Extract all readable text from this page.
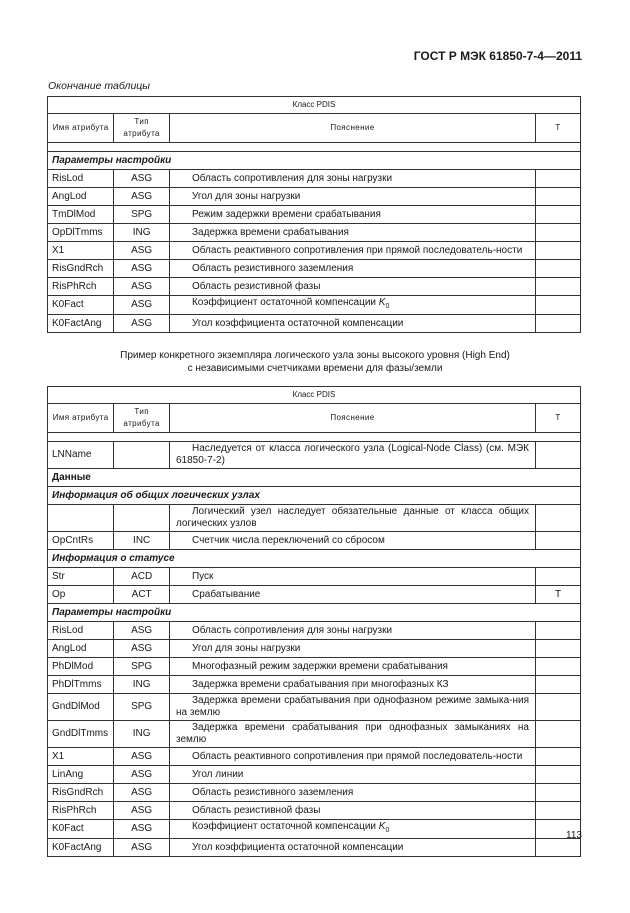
ГОСТ Р МЭК 61850-7-4—2011
Окончание таблицы
Класс PDIS			
Имя атрибута	Тип атрибута	Пояснение	Т

Параметры настройки			
RisLod	ASG	Область сопротивления для зоны нагрузки	
AngLod	ASG	Угол для зоны нагрузки	
TmDlMod	SPG	Режим задержки времени срабатывания	
OpDlTmms	ING	Задержка времени срабатывания	
X1	ASG	Область реактивного сопротивления при прямой последователь-ности	
RisGndRch	ASG	Область резистивного заземления	
RisPhRch	ASG	Область резистивной фазы	
K0Fact	ASG	Коэффициент остаточной компенсации $K_0$	
K0FactAng	ASG	Угол коэффициента остаточной компенсации	
Пример конкретного экземпляра логического узла зоны высокого уровня (High End)
с независимыми счетчиками времени для фазы/земли
Класс PDIS			
Имя атрибута	Тип атрибута	Пояснение	Т

LNName		Наследуется от класса логического узла (Logical-Node Class) (см. МЭК 61850-7-2)	
Данные			
Информация об общих логических узлах			
		Логический узел наследует обязательные данные от класса общих логических узлов	
OpCntRs	INC	Счетчик числа переключений со сбросом	
Информация о статусе			
Str	ACD	Пуск	
Op	ACT	Срабатывание	T
Параметры настройки			
RisLod	ASG	Область сопротивления для зоны нагрузки	
AngLod	ASG	Угол для зоны нагрузки	
PhDlMod	SPG	Многофазный режим задержки времени срабатывания	
PhDlTmms	ING	Задержка времени срабатывания при многофазных КЗ	
GndDlMod	SPG	Задержка времени срабатывания при однофазном режиме замыка-ния на землю	
GndDlTmms	ING	Задержка времени срабатывания при однофазных замыканиях на землю	
X1	ASG	Область реактивного сопротивления при прямой последователь-ности	
LinAng	ASG	Угол линии	
RisGndRch	ASG	Область резистивного заземления	
RisPhRch	ASG	Область резистивной фазы	
K0Fact	ASG	Коэффициент остаточной компенсации $K_0$	
K0FactAng	ASG	Угол коэффициента остаточной компенсации	
113
